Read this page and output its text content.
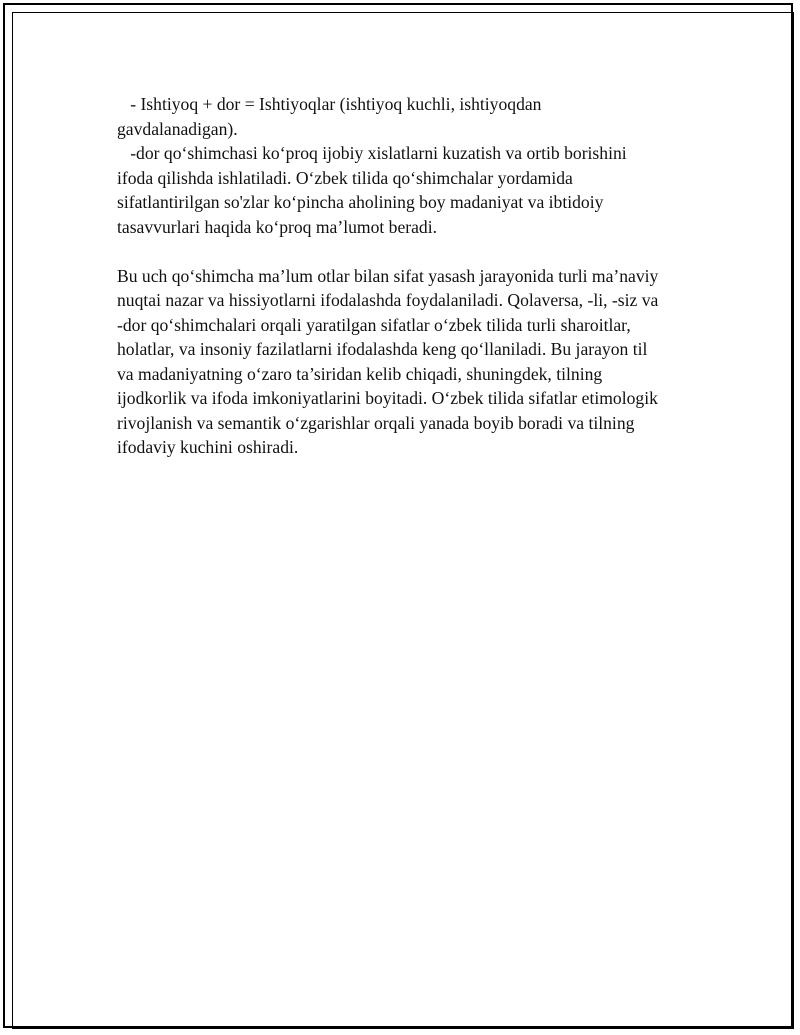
- Ishtiyoq + dor = Ishtiyoqlar (ishtiyoq kuchli, ishtiyoqdan
gavdalanadigan).
-dor qo‘shimchasi ko‘proq ijobiy xislatlarni kuzatish va ortib borishini
ifoda qilishda ishlatiladi. O‘zbek tilida qo‘shimchalar yordamida
sifatlantirilgan so'zlar ko‘pincha aholining boy madaniyat va ibtidoiy
tasavvurlari haqida ko‘proq ma’lumot beradi.

Bu uch qo‘shimcha ma’lum otlar bilan sifat yasash jarayonida turli ma’naviy
nuqtai nazar va hissiyotlarni ifodalashda foydalaniladi. Qolaversa, -li, -siz va
-dor qo‘shimchalari orqali yaratilgan sifatlar o‘zbek tilida turli sharoitlar,
holatlar, va insoniy fazilatlarni ifodalashda keng qo‘llaniladi. Bu jarayon til
va madaniyatning o‘zaro ta’siridan kelib chiqadi, shuningdek, tilning
ijodkorlik va ifoda imkoniyatlarini boyitadi. O‘zbek tilida sifatlar etimologik
rivojlanish va semantik o‘zgarishlar orqali yanada boyib boradi va tilning
ifodaviy kuchini oshiradi.
